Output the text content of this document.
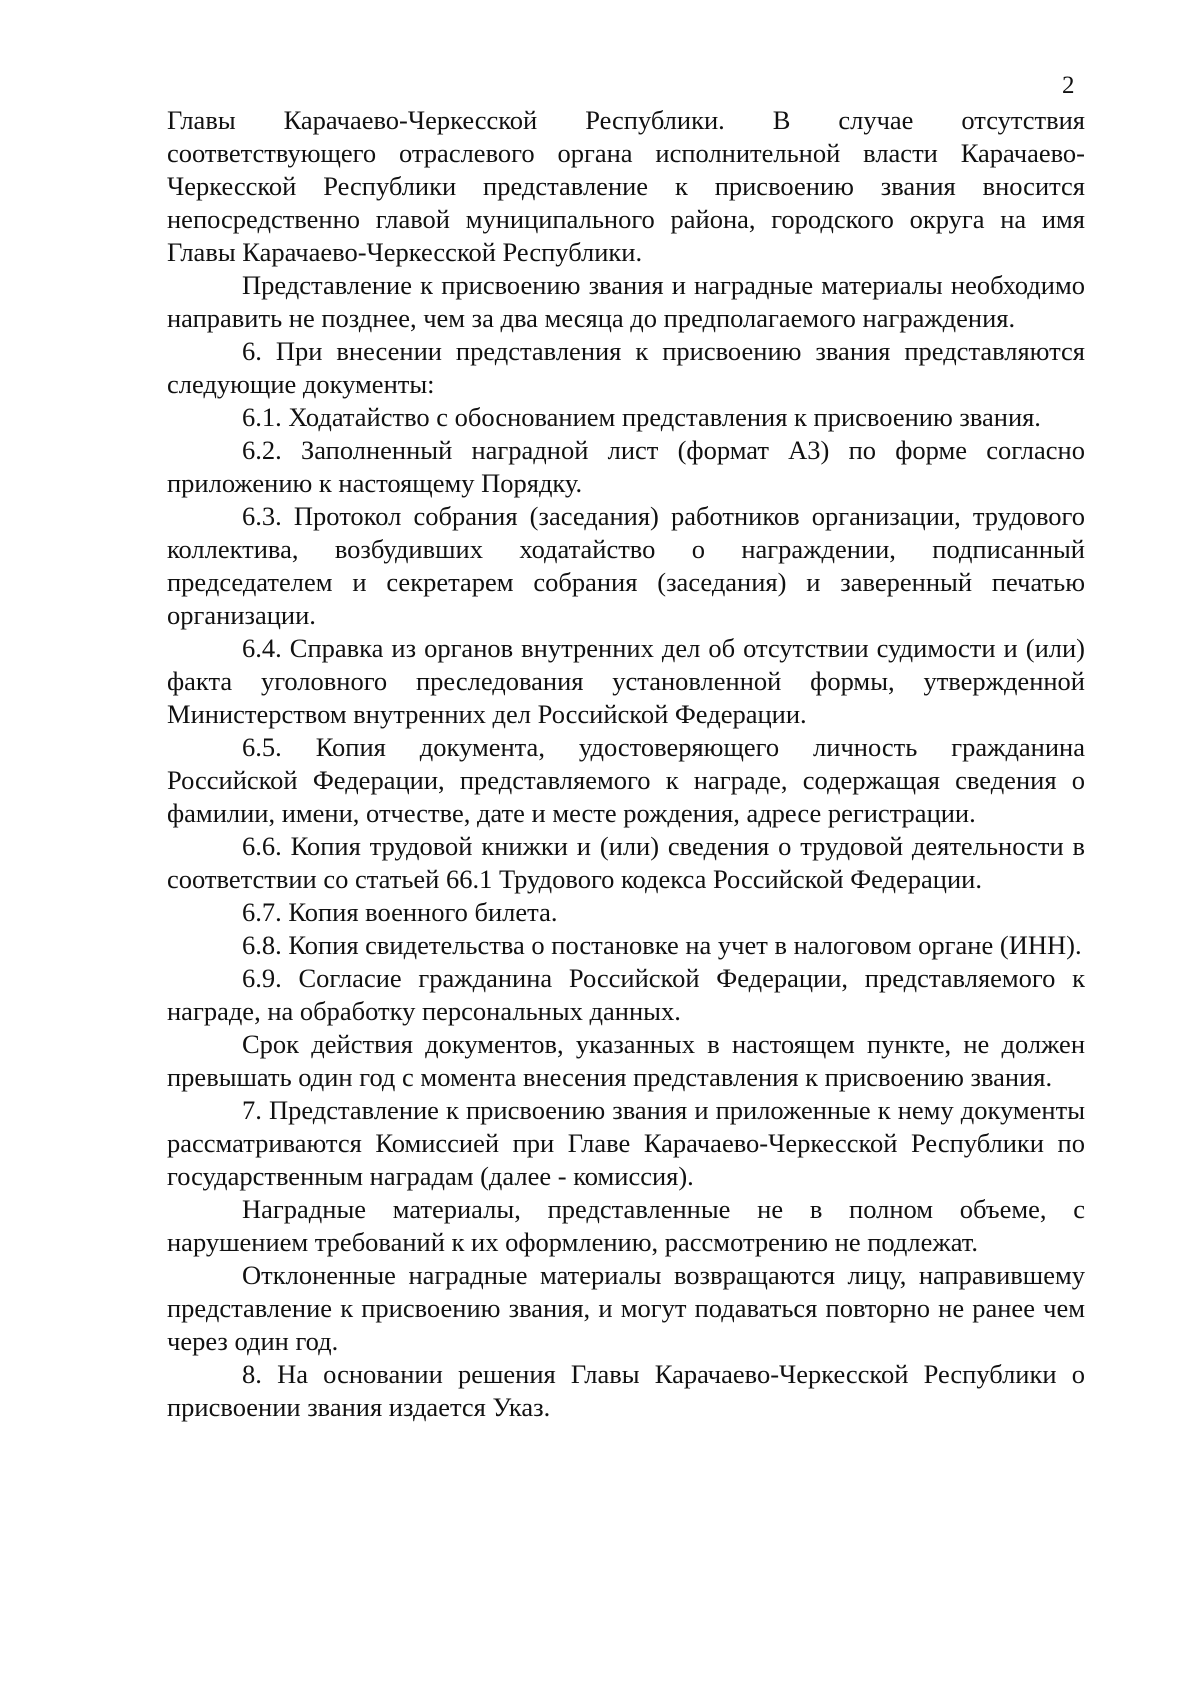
2

Главы Карачаево-Черкесской Республики. В случае отсутствия соответствующего отраслевого органа исполнительной власти Карачаево-Черкесской Республики представление к присвоению звания вносится непосредственно главой муниципального района, городского округа на имя Главы Карачаево-Черкесской Республики.

Представление к присвоению звания и наградные материалы необходимо направить не позднее, чем за два месяца до предполагаемого награждения.

6. При внесении представления к присвоению звания представляются следующие документы:

6.1. Ходатайство с обоснованием представления к присвоению звания.

6.2. Заполненный наградной лист (формат А3) по форме согласно приложению к настоящему Порядку.

6.3. Протокол собрания (заседания) работников организации, трудового коллектива, возбудивших ходатайство о награждении, подписанный председателем и секретарем собрания (заседания) и заверенный печатью организации.

6.4. Справка из органов внутренних дел об отсутствии судимости и (или) факта уголовного преследования установленной формы, утвержденной Министерством внутренних дел Российской Федерации.

6.5. Копия документа, удостоверяющего личность гражданина Российской Федерации, представляемого к награде, содержащая сведения о фамилии, имени, отчестве, дате и месте рождения, адресе регистрации.

6.6. Копия трудовой книжки и (или) сведения о трудовой деятельности в соответствии со статьей 66.1 Трудового кодекса Российской Федерации.

6.7. Копия военного билета.

6.8. Копия свидетельства о постановке на учет в налоговом органе (ИНН).

6.9. Согласие гражданина Российской Федерации, представляемого к награде, на обработку персональных данных.

Срок действия документов, указанных в настоящем пункте, не должен превышать один год с момента внесения представления к присвоению звания.

7. Представление к присвоению звания и приложенные к нему документы рассматриваются Комиссией при Главе Карачаево-Черкесской Республики по государственным наградам (далее - комиссия).

Наградные материалы, представленные не в полном объеме, с нарушением требований к их оформлению, рассмотрению не подлежат.

Отклоненные наградные материалы возвращаются лицу, направившему представление к присвоению звания, и могут подаваться повторно не ранее чем через один год.

8. На основании решения Главы Карачаево-Черкесской Республики о присвоении звания издается Указ.
